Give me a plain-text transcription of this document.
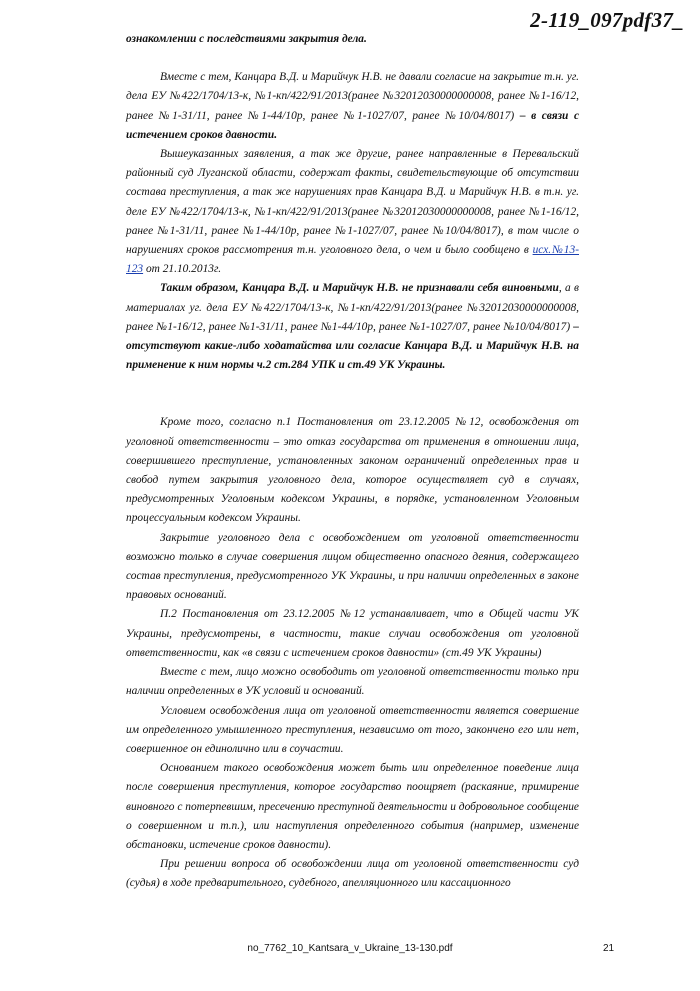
2-119_097pdf37_

ознакомлении с последствиями закрытия дела.

Вместе с тем, Канцара В.Д. и Марийчук Н.В. не давали согласие на закрытие т.н. уг. дела ЕУ №422/1704/13-к, №1-кп/422/91/2013(ранее №32012030000000008, ранее №1-16/12, ранее №1-31/11, ранее №1-44/10р, ранее №1-1027/07, ранее №10/04/8017) – в связи с истечением сроков давности.

Вышеуказанных заявления, а так же другие, ранее направленные в Перевальский районный суд Луганской области, содержат факты, свидетельствующие об отсутствии состава преступления, а так же нарушениях прав Канцара В.Д. и Марийчук Н.В. в т.н. уг. деле ЕУ №422/1704/13-к, №1-кп/422/91/2013(ранее №32012030000000008, ранее №1-16/12, ранее №1-31/11, ранее №1-44/10р, ранее №1-1027/07, ранее №10/04/8017), в том числе о нарушениях сроков рассмотрения т.н. уголовного дела, о чем и было сообщено в исх.№13-123 от 21.10.2013г.

Таким образом, Канцара В.Д. и Марийчук Н.В. не признавали себя виновными, а в материалах уг. дела ЕУ №422/1704/13-к, №1-кп/422/91/2013(ранее №32012030000000008, ранее №1-16/12, ранее №1-31/11, ранее №1-44/10р, ранее №1-1027/07, ранее №10/04/8017) – отсутствуют какие-либо ходатайства или согласие Канцара В.Д. и Марийчук Н.В. на применение к ним нормы ч.2 ст.284 УПК и ст.49 УК Украины.

Кроме того, согласно п.1 Постановления от 23.12.2005 №12, освобождения от уголовной ответственности – это отказ государства от применения в отношении лица, совершившего преступление, установленных законом ограничений определенных прав и свобод путем закрытия уголовного дела, которое осуществляет суд в случаях, предусмотренных Уголовным кодексом Украины, в порядке, установленном Уголовным процессуальным кодексом Украины.

Закрытие уголовного дела с освобождением от уголовной ответственности возможно только в случае совершения лицом общественно опасного деяния, содержащего состав преступления, предусмотренного УК Украины, и при наличии определенных в законе правовых оснований.

П.2 Постановления от 23.12.2005 №12 устанавливает, что в Общей части УК Украины, предусмотрены, в частности, такие случаи освобождения от уголовной ответственности, как «в связи с истечением сроков давности» (ст.49 УК Украины)

Вместе с тем, лицо можно освободить от уголовной ответственности только при наличии определенных в УК условий и оснований.

Условием освобождения лица от уголовной ответственности является совершение им определенного умышленного преступления, независимо от того, закончено его или нет, совершенное он единолично или в соучастии.

Основанием такого освобождения может быть или определенное поведение лица после совершения преступления, которое государство поощряет (раскаяние, примирение виновного с потерпевшим, пресечению преступной деятельности и добровольное сообщение о совершенном и т.п.), или наступления определенного события (например, изменение обстановки, истечение сроков давности).

При решении вопроса об освобождении лица от уголовной ответственности суд (судья) в ходе предварительного, судебного, апелляционного или кассационного

no_7762_10_Kantsara_v_Ukraine_13-130.pdf	21
